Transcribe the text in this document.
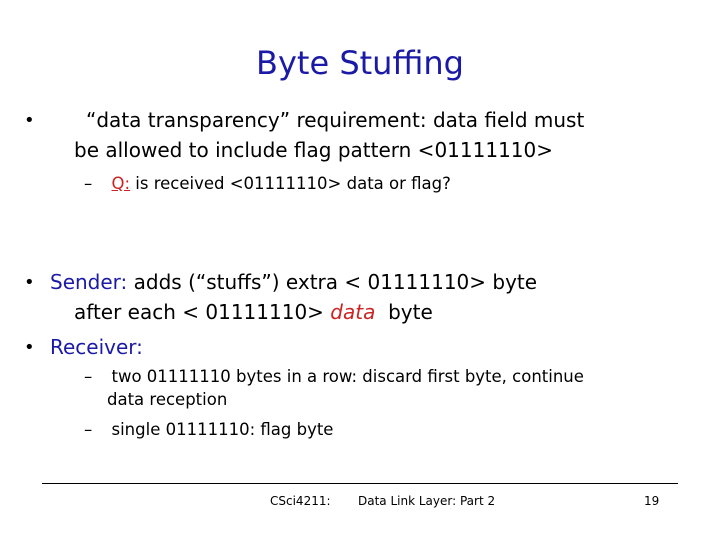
Byte Stuffing
•	“data transparency” requirement: data field must
be allowed to include flag pattern <01111110>
– Q: is received <01111110> data or flag?
• Sender: adds (“stuffs”) extra < 01111110> byte
after each < 01111110> data  byte
• Receiver:
– two 01111110 bytes in a row: discard first byte, continue
data reception
– single 01111110: flag byte
CSci4211: Data Link Layer: Part 2	19
